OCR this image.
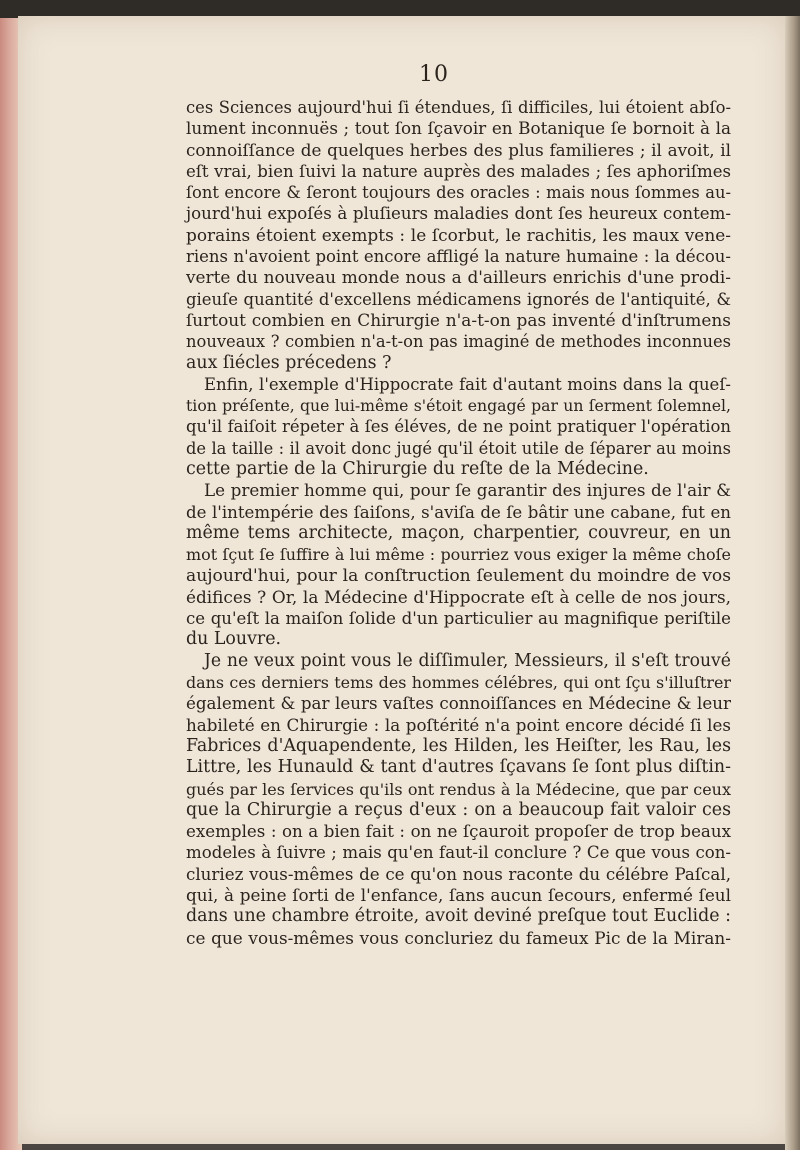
10
ces Sciences aujourd'hui ſi étendues, ſi difficiles, lui étoient abſo-
lument inconnuës ; tout ſon ſçavoir en Botanique ſe bornoit à la
connoiſſance de quelques herbes des plus familieres ; il avoit, il
eſt vrai, bien ſuivi la nature auprès des malades ; ſes aphoriſmes
ſont encore & ſeront toujours des oracles : mais nous ſommes au-
jourd'hui expoſés à pluſieurs maladies dont ſes heureux contem-
porains étoient exempts : le ſcorbut, le rachitis, les maux vene-
riens n'avoient point encore affligé la nature humaine : la décou-
verte du nouveau monde nous a d'ailleurs enrichis d'une prodi-
gieuſe quantité d'excellens médicamens ignorés de l'antiquité, &
ſurtout combien en Chirurgie n'a-t-on pas inventé d'inſtrumens
nouveaux ? combien n'a-t-on pas imaginé de methodes inconnues
aux ſiécles précedens ?
Enfin, l'exemple d'Hippocrate fait d'autant moins dans la queſ-
tion préſente, que lui-même s'étoit engagé par un ſerment ſolemnel,
qu'il faiſoit répeter à ſes éléves, de ne point pratiquer l'opération
de la taille : il avoit donc jugé qu'il étoit utile de ſéparer au moins
cette partie de la Chirurgie du reſte de la Médecine.
Le premier homme qui, pour ſe garantir des injures de l'air &
de l'intempérie des ſaiſons, s'aviſa de ſe bâtir une cabane, fut en
même tems architecte, maçon, charpentier, couvreur, en un
mot ſçut ſe ſuffire à lui même : pourriez vous exiger la même choſe
aujourd'hui, pour la conſtruction ſeulement du moindre de vos
édifices ? Or, la Médecine d'Hippocrate eſt à celle de nos jours,
ce qu'eſt la maiſon ſolide d'un particulier au magnifique periſtile
du Louvre.
Je ne veux point vous le diſſimuler, Messieurs, il s'eſt trouvé
dans ces derniers tems des hommes célébres, qui ont ſçu s'illuſtrer
également & par leurs vaſtes connoiſſances en Médecine & leur
habileté en Chirurgie : la poſtérité n'a point encore décidé ſi les
Fabrices d'Aquapendente, les Hilden, les Heiſter, les Rau, les
Littre, les Hunauld & tant d'autres ſçavans ſe ſont plus diſtin-
gués par les ſervices qu'ils ont rendus à la Médecine, que par ceux
que la Chirurgie a reçus d'eux : on a beaucoup fait valoir ces
exemples : on a bien fait : on ne ſçauroit propoſer de trop beaux
modeles à ſuivre ; mais qu'en faut-il conclure ? Ce que vous con-
cluriez vous-mêmes de ce qu'on nous raconte du célébre Paſcal,
qui, à peine ſorti de l'enfance, ſans aucun ſecours, enfermé ſeul
dans une chambre étroite, avoit deviné preſque tout Euclide :
ce que vous-mêmes vous concluriez du fameux Pic de la Miran-
